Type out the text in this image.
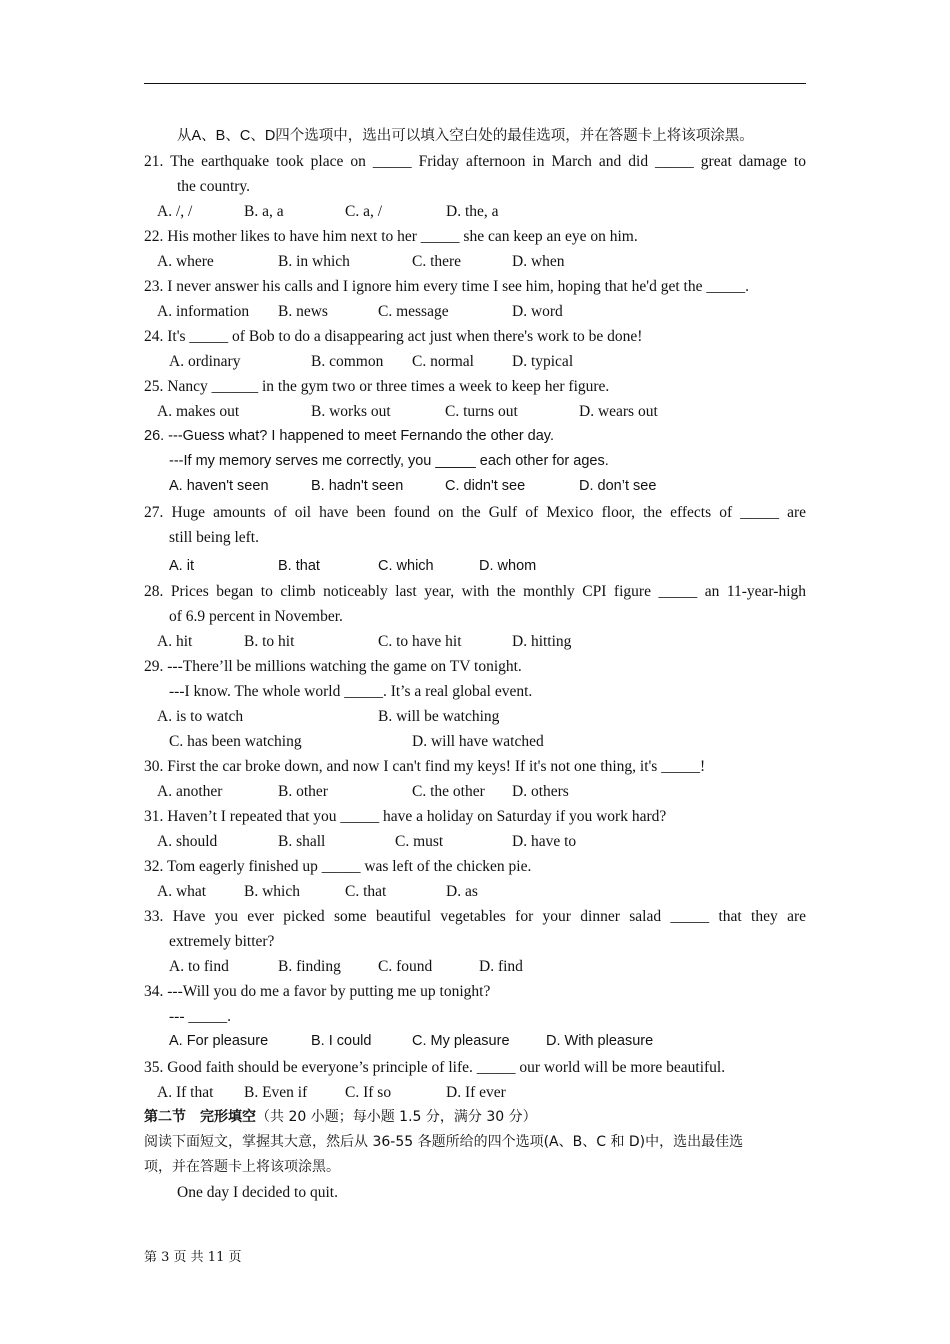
从A、B、C、D四个选项中，选出可以填入空白处的最佳选项，并在答题卡上将该项涂黑。
21. The earthquake took place on _____ Friday afternoon in March and did _____ great damage to
the country.
A. /, /	B. a, a	C. a, /	D. the, a
22. His mother likes to have him next to her _____ she can keep an eye on him.
A. where	B. in which	C. there	D. when
23. I never answer his calls and I ignore him every time I see him, hoping that he'd get the _____.
A. information B. news	C. message	D. word
24. It's _____ of Bob to do a disappearing act just when there's work to be done!
A. ordinary	B. common C. normal D. typical
25. Nancy ______ in the gym two or three times a week to keep her figure.
A. makes out	B. works out	C. turns out	D. wears out
26. ---Guess what? I happened to meet Fernando the other day.
---If my memory serves me correctly, you _____ each other for ages.
A. haven't seen	B. hadn't seen	C. didn't see	D. don’t see
27. Huge amounts of oil have been found on the Gulf of Mexico floor, the effects of _____ are
still being left.
A. it	B. that	C. which	D. whom
28. Prices began to climb noticeably last year, with the monthly CPI figure _____ an 11-year-high
of 6.9 percent in November.
A. hit	B. to hit	C. to have hit	D. hitting
29. ---There’ll be millions watching the game on TV tonight.
---I know. The whole world _____. It’s a real global event.
A. is to watch	B. will be watching
C. has been watching	D. will have watched
30. First the car broke down, and now I can't find my keys! If it's not one thing, it's _____!
A. another	B. other	C. the other D. others
31. Haven’t I repeated that you _____ have a holiday on Saturday if you work hard?
A. should	B. shall	C. must	D. have to
32. Tom eagerly finished up _____ was left of the chicken pie.
A. what B. which	C. that	D. as
33. Have you ever picked some beautiful vegetables for your dinner salad _____ that they are
extremely bitter?
A. to find	B. finding C. found	D. find
34. ---Will you do me a favor by putting me up tonight?
--- _____.
A. For pleasure	B. I could	C. My pleasure	D. With pleasure
35. Good faith should be everyone’s principle of life. _____ our world will be more beautiful.
A. If that B. Even if C. If so	D. If ever
第二节　完形填空（共 20 小题；每小题 1.5 分，满分 30 分）
阅读下面短文，掌握其大意，然后从 36-55 各题所给的四个选项(A、B、C 和 D)中，选出最佳选
项，并在答题卡上将该项涂黑。
One day I decided to quit.
第 3 页 共 11 页
